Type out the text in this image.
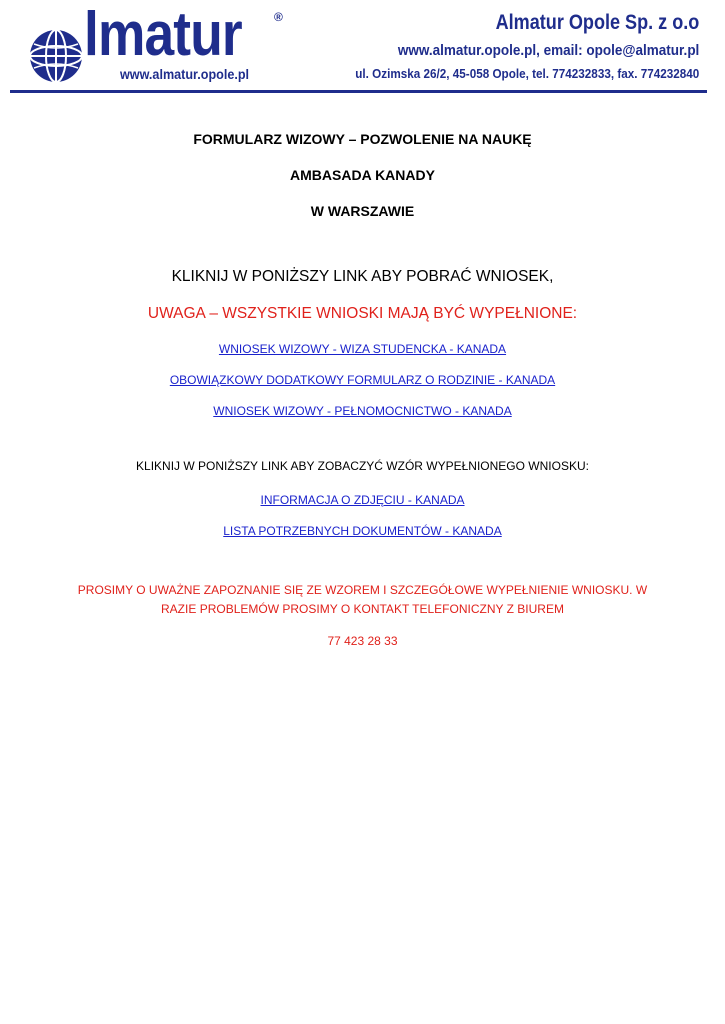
lmatur	®
www.almatur.opole.pl
Almatur Opole Sp. z o.o
www.almatur.opole.pl, email: opole@almatur.pl
ul. Ozimska 26/2, 45-058 Opole, tel. 774232833, fax. 774232840
FORMULARZ WIZOWY – POZWOLENIE NA NAUKĘ
AMBASADA KANADY
W WARSZAWIE
KLIKNIJ W PONIŻSZY LINK ABY POBRAĆ WNIOSEK,
UWAGA – WSZYSTKIE WNIOSKI MAJĄ BYĆ WYPEŁNIONE:
WNIOSEK WIZOWY - WIZA STUDENCKA - KANADA
OBOWIĄZKOWY DODATKOWY FORMULARZ O RODZINIE - KANADA
WNIOSEK WIZOWY - PEŁNOMOCNICTWO - KANADA
KLIKNIJ W PONIŻSZY LINK ABY ZOBACZYĆ WZÓR WYPEŁNIONEGO WNIOSKU:
INFORMACJA O ZDJĘCIU - KANADA
LISTA POTRZEBNYCH DOKUMENTÓW - KANADA
PROSIMY O UWAŻNE ZAPOZNANIE SIĘ ZE WZOREM I SZCZEGÓŁOWE WYPEŁNIENIE WNIOSKU. W
RAZIE PROBLEMÓW PROSIMY O KONTAKT TELEFONICZNY Z BIUREM
77 423 28 33
